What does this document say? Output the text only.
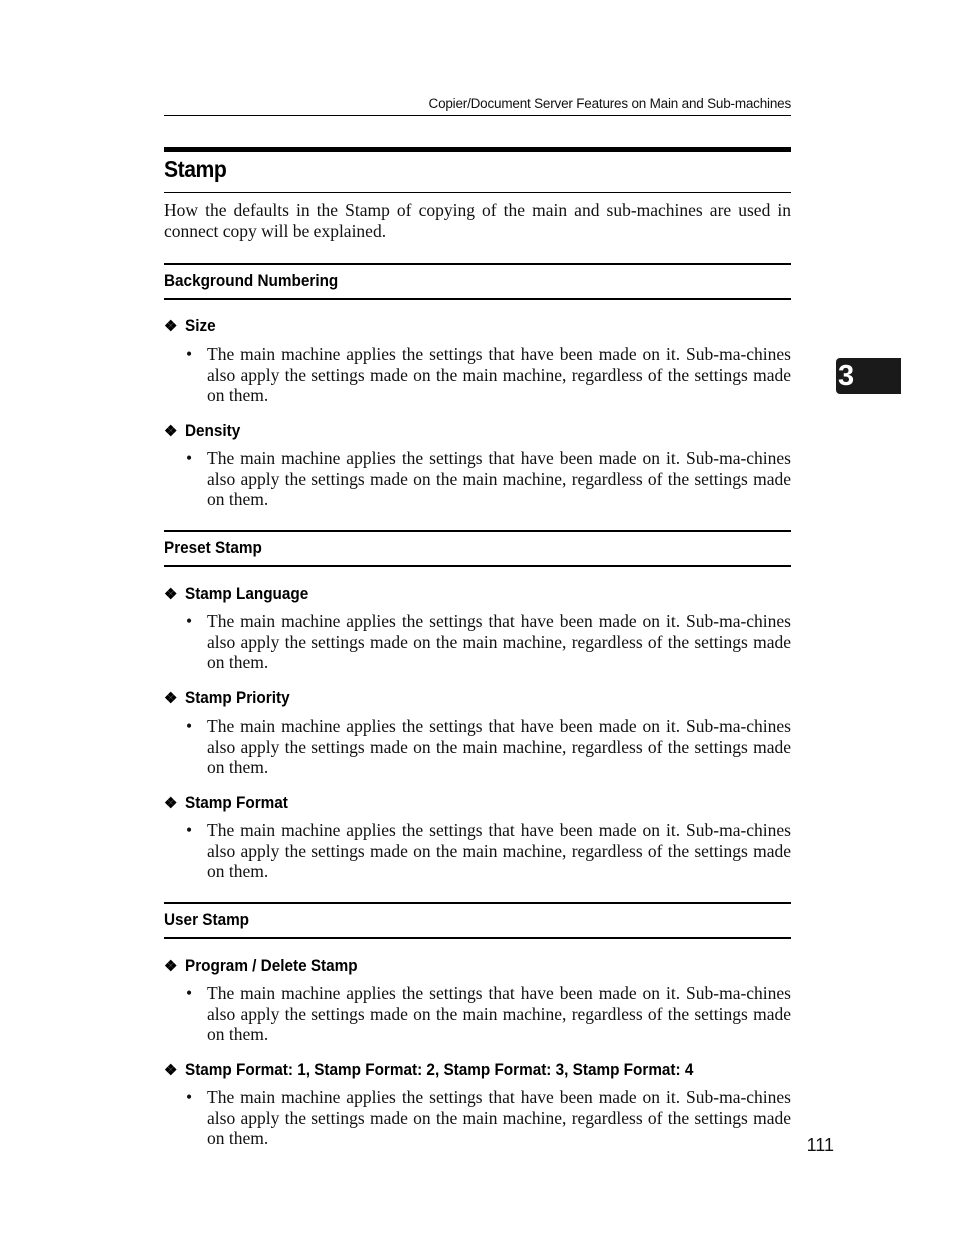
Copier/Document Server Features on Main and Sub-machines
Stamp
How the defaults in the Stamp of copying of the main and sub-machines are used in connect copy will be explained.
Background Numbering
❖ Size
• The main machine applies the settings that have been made on it. Sub-ma-chines also apply the settings made on the main machine, regardless of the settings made on them.
❖ Density
• The main machine applies the settings that have been made on it. Sub-ma-chines also apply the settings made on the main machine, regardless of the settings made on them.
Preset Stamp
❖ Stamp Language
• The main machine applies the settings that have been made on it. Sub-ma-chines also apply the settings made on the main machine, regardless of the settings made on them.
❖ Stamp Priority
• The main machine applies the settings that have been made on it. Sub-ma-chines also apply the settings made on the main machine, regardless of the settings made on them.
❖ Stamp Format
• The main machine applies the settings that have been made on it. Sub-ma-chines also apply the settings made on the main machine, regardless of the settings made on them.
User Stamp
❖ Program / Delete Stamp
• The main machine applies the settings that have been made on it. Sub-ma-chines also apply the settings made on the main machine, regardless of the settings made on them.
❖ Stamp Format: 1, Stamp Format: 2, Stamp Format: 3, Stamp Format: 4
• The main machine applies the settings that have been made on it. Sub-ma-chines also apply the settings made on the main machine, regardless of the settings made on them.
3
111
